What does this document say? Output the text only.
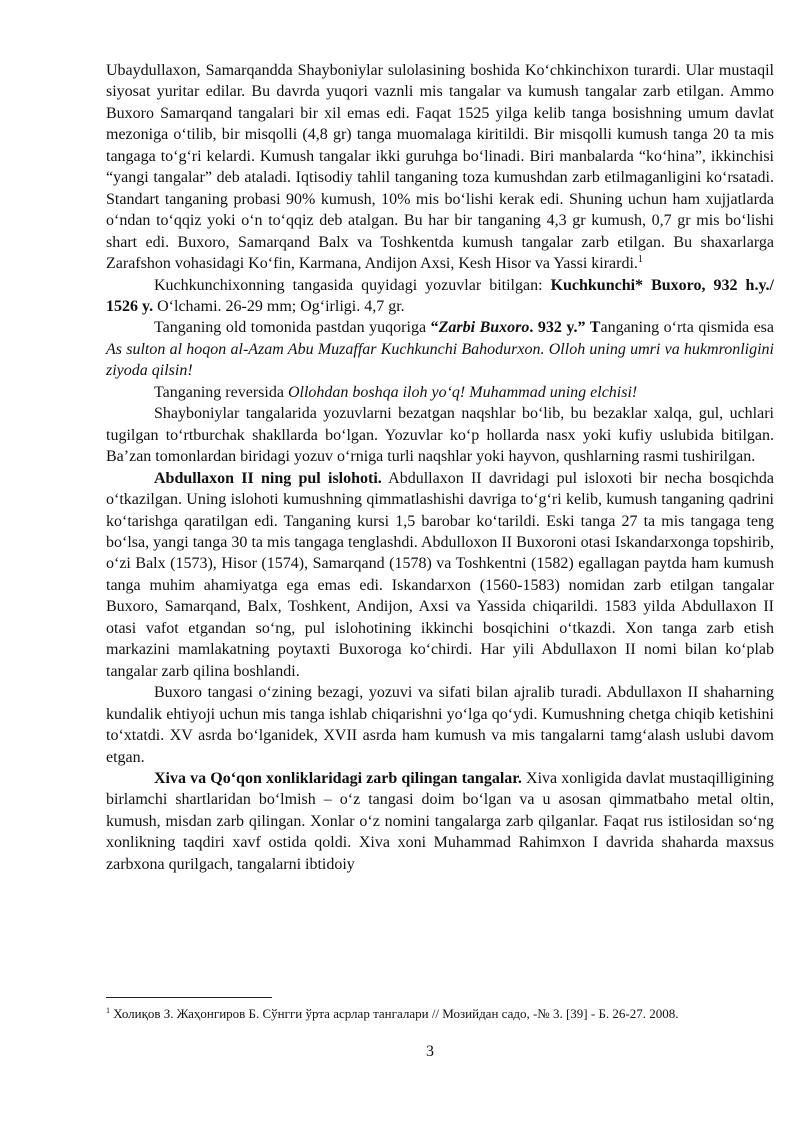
Ubaydullaxon, Samarqandda Shayboniylar sulolasining boshida Ko‘chkinchixon turardi. Ular mustaqil siyosat yuritar edilar. Bu davrda yuqori vaznli mis tangalar va kumush tangalar zarb etilgan. Ammo Buxoro Samarqand tangalari bir xil emas edi. Faqat 1525 yilga kelib tanga bosishning umum davlat mezoniga o‘tilib, bir misqolli (4,8 gr) tanga muomalaga kiritildi. Bir misqolli kumush tanga 20 ta mis tangaga to‘g‘ri kelardi. Kumush tangalar ikki guruhga bo‘linadi. Biri manbalarda “ko‘hina”, ikkinchisi “yangi tangalar” deb ataladi. Iqtisodiy tahlil tanganing toza kumushdan zarb etilmaganligini ko‘rsatadi. Standart tanganing probasi 90% kumush, 10% mis bo‘lishi kerak edi. Shuning uchun ham xujjatlarda o‘ndan to‘qqiz yoki o‘n to‘qqiz deb atalgan. Bu har bir tanganing 4,3 gr kumush, 0,7 gr mis bo‘lishi shart edi. Buxoro, Samarqand Balx va Toshkentda kumush tangalar zarb etilgan. Bu shaxarlarga Zarafshon vohasidagi Ko‘fin, Karmana, Andijon Axsi, Kesh Hisor va Yassi kirardi.$^1$

Kuchkunchixonning tangasida quyidagi yozuvlar bitilgan: Kuchkunchi* Buxoro, 932 h.y./ 1526 y. O‘lchami. 26-29 mm; Og‘irligi. 4,7 gr.

Tanganing old tomonida pastdan yuqoriga “Zarbi Buxoro. 932 y.” Tanganing o‘rta qismida esa As sulton al hoqon al-Azam Abu Muzaffar Kuchkunchi Bahodurxon. Olloh uning umri va hukmronligini ziyoda qilsin!

Tanganing reversida Ollohdan boshqa iloh yo‘q! Muhammad uning elchisi!

Shayboniylar tangalarida yozuvlarni bezatgan naqshlar bo‘lib, bu bezaklar xalqa, gul, uchlari tugilgan to‘rtburchak shakllarda bo‘lgan. Yozuvlar ko‘p hollarda nasx yoki kufiy uslubida bitilgan. Ba’zan tomonlardan biridagi yozuv o‘rniga turli naqshlar yoki hayvon, qushlarning rasmi tushirilgan.

Abdullaxon II ning pul islohoti. Abdullaxon II davridagi pul isloxoti bir necha bosqichda o‘tkazilgan. Uning islohoti kumushning qimmatlashishi davriga to‘g‘ri kelib, kumush tanganing qadrini ko‘tarishga qaratilgan edi. Tanganing kursi 1,5 barobar ko‘tarildi. Eski tanga 27 ta mis tangaga teng bo‘lsa, yangi tanga 30 ta mis tangaga tenglashdi. Abdulloxon II Buxoroni otasi Iskandarxonga topshirib, o‘zi Balx (1573), Hisor (1574), Samarqand (1578) va Toshkentni (1582) egallagan paytda ham kumush tanga muhim ahamiyatga ega emas edi. Iskandarxon (1560-1583) nomidan zarb etilgan tangalar Buxoro, Samarqand, Balx, Toshkent, Andijon, Axsi va Yassida chiqarildi. 1583 yilda Abdullaxon II otasi vafot etgandan so‘ng, pul islohotining ikkinchi bosqichini o‘tkazdi. Xon tanga zarb etish markazini mamlakatning poytaxti Buxoroga ko‘chirdi. Har yili Abdullaxon II nomi bilan ko‘plab tangalar zarb qilina boshlandi.

Buxoro tangasi o‘zining bezagi, yozuvi va sifati bilan ajralib turadi. Abdullaxon II shaharning kundalik ehtiyoji uchun mis tanga ishlab chiqarishni yo‘lga qo‘ydi. Kumushning chetga chiqib ketishini to‘xtatdi. XV asrda bo‘lganidek, XVII asrda ham kumush va mis tangalarni tamg‘alash uslubi davom etgan.

Xiva va Qo‘qon xonliklaridagi zarb qilingan tangalar. Xiva xonligida davlat mustaqilligining birlamchi shartlaridan bo‘lmish – o‘z tangasi doim bo‘lgan va u asosan qimmatbaho metal oltin, kumush, misdan zarb qilingan. Xonlar o‘z nomini tangalarga zarb qilganlar. Faqat rus istilosidan so‘ng xonlikning taqdiri xavf ostida qoldi. Xiva xoni Muhammad Rahimxon I davrida shaharda maxsus zarbxona qurilgach, tangalarni ibtidoiy

$^1$ Холиқов З. Жаҳонгиров Б. Сўнгги ўрта асрлар тангалари // Мозийдан садо, -№ 3. [39] - Б. 26-27. 2008.
3
